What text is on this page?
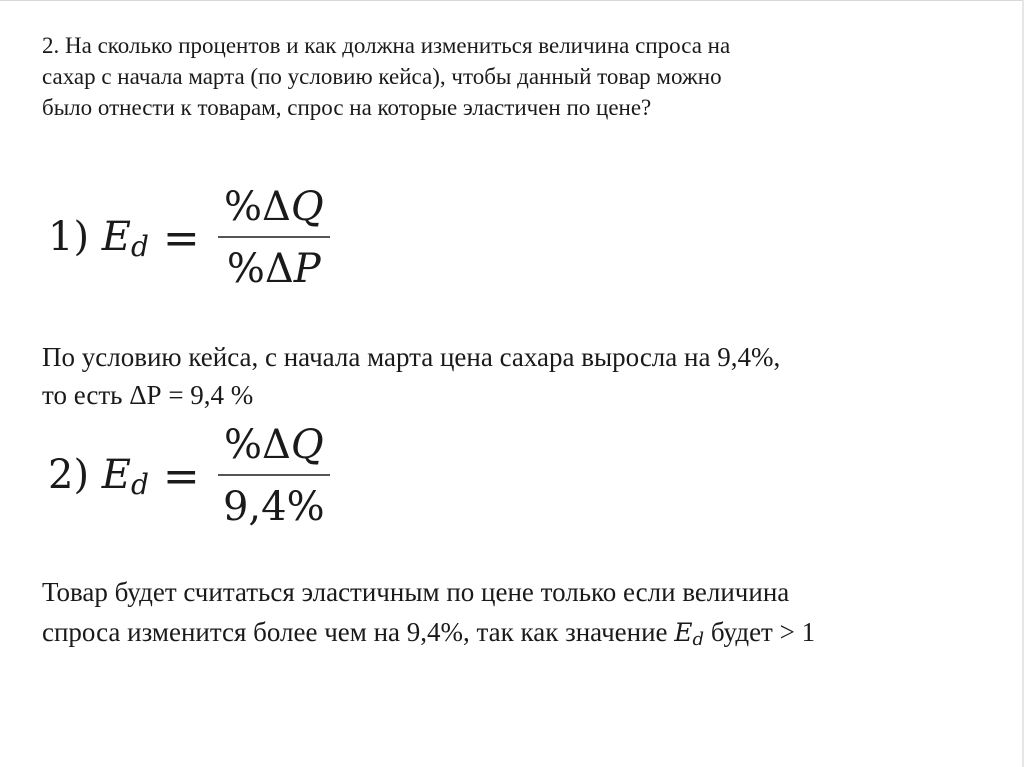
2. На сколько процентов и как должна измениться величина спроса на
сахар с начала марта (по условию кейса), чтобы данный товар можно
было отнести к товарам, спрос на которые эластичен по цене?
1) $E_d = \frac{\%\Delta Q}{\%\Delta P}$
По условию кейса, с начала марта цена сахара выросла на 9,4%,
то есть ΔР = 9,4 %
2) $E_d = \frac{\%\Delta Q}{9,4\%}$
Товар будет считаться эластичным по цене только если величина
спроса изменится более чем на 9,4%, так как значение $E_d$ будет > 1
